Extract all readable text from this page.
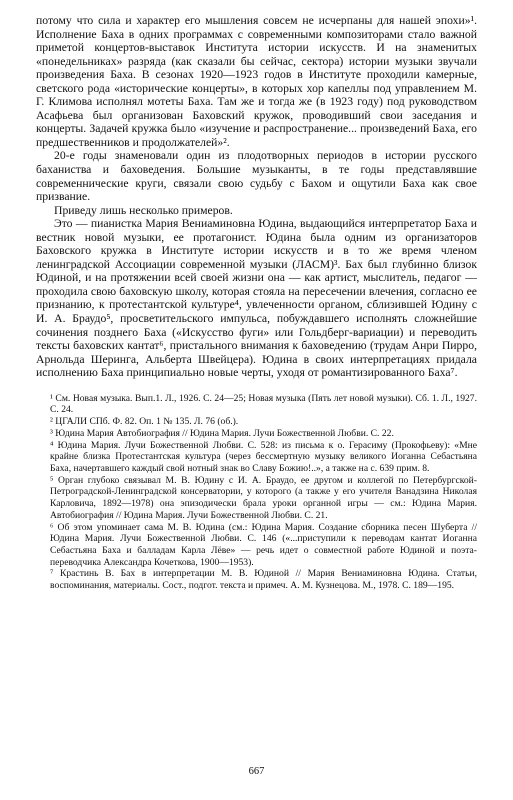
потому что сила и характер его мышления совсем не исчерпаны для нашей эпохи»¹. Исполнение Баха в одних программах с современными композиторами стало важной приметой концертов-выставок Института истории искусств. И на знаменитых «понедельниках» разряда (как сказали бы сейчас, сектора) истории музыки звучали произведения Баха. В сезонах 1920—1923 годов в Институте проходили камерные, светского рода «исторические концерты», в которых хор капеллы под управлением М. Г. Климова исполнял мотеты Баха. Там же и тогда же (в 1923 году) под руководством Асафьева был организован Баховский кружок, проводивший свои заседания и концерты. Задачей кружка было «изучение и распространение... произведений Баха, его предшественников и продолжателей»².

20-е годы знаменовали один из плодотворных периодов в истории русского баханиства и баховедения. Большие музыканты, в те годы представлявшие современнические круги, связали свою судьбу с Бахом и ощутили Баха как свое призвание.

Приведу лишь несколько примеров.

Это — пианистка Мария Вениаминовна Юдина, выдающийся интерпретатор Баха и вестник новой музыки, ее протагонист. Юдина была одним из организаторов Баховского кружка в Институте истории искусств и в то же время членом ленинградской Ассоциации современной музыки (ЛАСМ)³. Бах был глубинно близок Юдиной, и на протяжении всей своей жизни она — как артист, мыслитель, педагог — проходила свою баховскую школу, которая стояла на пересечении влечения, согласно ее признанию, к протестантской культуре⁴, увлеченности органом, сблизившей Юдину с И. А. Браудо⁵, просветительского импульса, побуждавшего исполнять сложнейшие сочинения позднего Баха («Искусство фуги» или Гольдберг-вариации) и переводить тексты баховских кантат⁶, пристального внимания к баховедению (трудам Анри Пирро, Арнольда Шеринга, Альберта Швейцера). Юдина в своих интерпретациях придала исполнению Баха принципиально новые черты, уходя от романтизированного Баха⁷.

¹ См. Новая музыка. Вып.1. Л., 1926. С. 24—25; Новая музыка (Пять лет новой музыки). Сб. 1. Л., 1927. С. 24.

² ЦГАЛИ СПб. Ф. 82. Оп. 1 № 135. Л. 76 (об.).

³ Юдина Мария Автобиография // Юдина Мария. Лучи Божественной Любви. С. 22.

⁴ Юдина Мария. Лучи Божественной Любви. С. 528: из письма к о. Герасиму (Прокофьеву): «Мне крайне близка Протестантская культура (через бессмертную музыку великого Иоганна Себастьяна Баха, начертавшего каждый свой нотный знак во Славу Божию!..», а также на с. 639 прим. 8.

⁵ Орган глубоко связывал М. В. Юдину с И. А. Браудо, ее другом и коллегой по Петербургской-Петроградской-Ленинградской консерватории, у которого (а также у его учителя Ванадзина Николая Карловича, 1892—1978) она эпизодически брала уроки органной игры — см.: Юдина Мария. Автобиография // Юдина Мария. Лучи Божественной Любви. С. 21.

⁶ Об этом упоминает сама М. В. Юдина (см.: Юдина Мария. Создание сборника песен Шуберта // Юдина Мария. Лучи Божественной Любви. С. 146 («...приступили к переводам кантат Иоганна Себастьяна Баха и балладам Карла Лёве» — речь идет о совместной работе Юдиной и поэта-переводчика Александра Кочеткова, 1900—1953).

⁷ Крастинь В. Бах в интерпретации М. В. Юдиной // Мария Вениаминовна Юдина. Статьи, воспоминания, материалы. Сост., подгот. текста и примеч. А. М. Кузнецова. М., 1978. С. 189—195.

667
